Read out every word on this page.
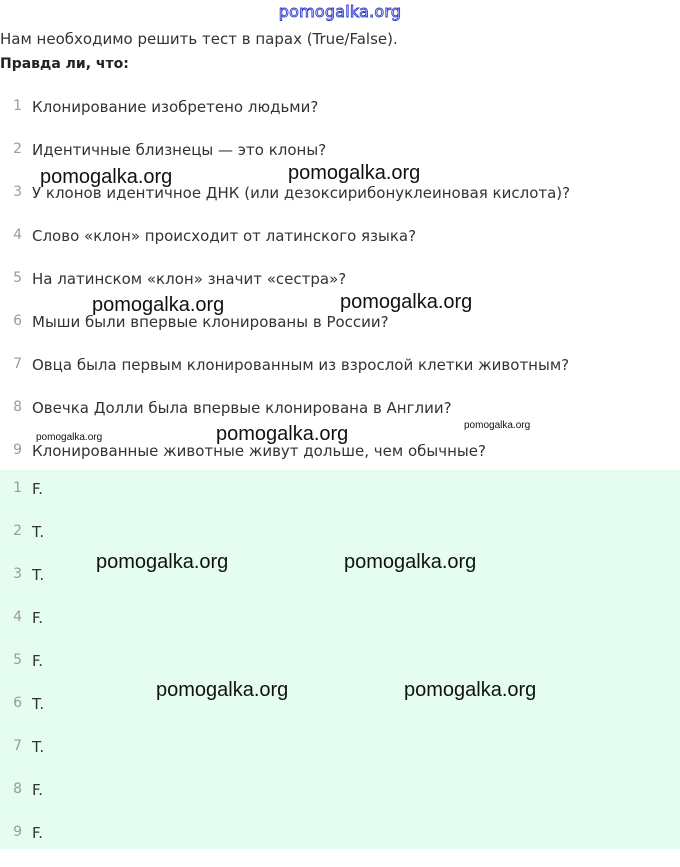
pomogalka.org
Нам необходимо решить тест в парах (True/False).
Правда ли, что:
1 Клонирование изобретено людьми?
2 Идентичные близнецы — это клоны?
3 У клонов идентичное ДНК (или дезоксирибонуклеиновая кислота)?
4 Слово «клон» происходит от латинского языка?
5 На латинском «клон» значит «сестра»?
6 Мыши были впервые клонированы в России?
7 Овца была первым клонированным из взрослой клетки животным?
8 Овечка Долли была впервые клонирована в Англии?
9 Клонированные животные живут дольше, чем обычные?
1 F.
2 T.
3 T.
4 F.
5 F.
6 T.
7 T.
8 F.
9 F.
pomogalka.org	pomogalka.org
pomogalka.org	pomogalka.org
pomogalka.org	pomogalka.org	pomogalka.org
pomogalka.org	pomogalka.org
pomogalka.org	pomogalka.org
